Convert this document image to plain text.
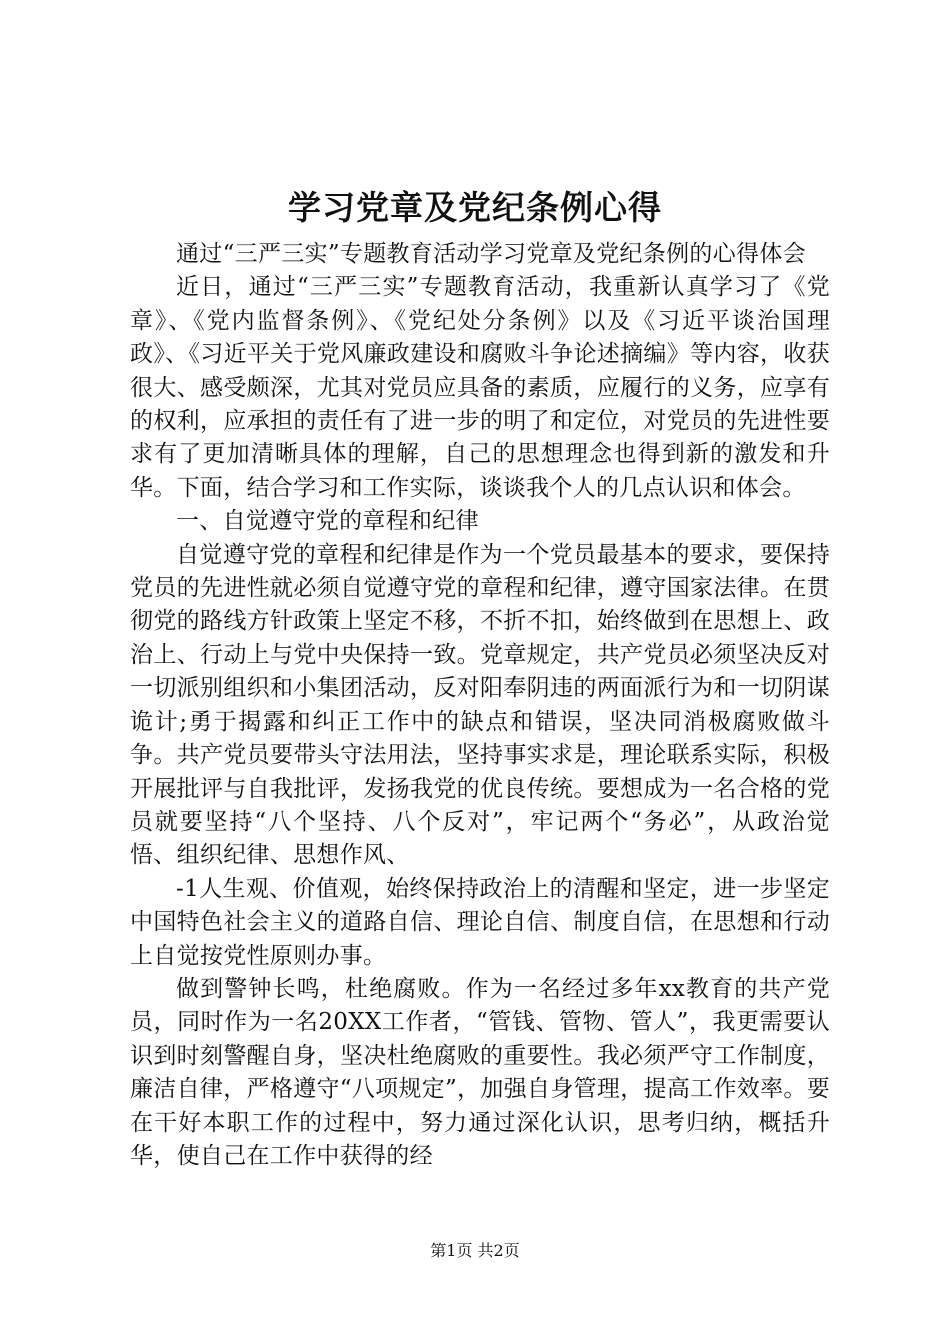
学习党章及党纪条例心得

通过“三严三实”专题教育活动学习党章及党纪条例的心得体会

近日，通过“三严三实”专题教育活动，我重新认真学习了《党章》、《党内监督条例》、《党纪处分条例》以及《习近平谈治国理政》、《习近平关于党风廉政建设和腐败斗争论述摘编》等内容，收获很大、感受颇深，尤其对党员应具备的素质，应履行的义务，应享有的权利，应承担的责任有了进一步的明了和定位，对党员的先进性要求有了更加清晰具体的理解，自己的思想理念也得到新的激发和升华。下面，结合学习和工作实际，谈谈我个人的几点认识和体会。

一、自觉遵守党的章程和纪律

自觉遵守党的章程和纪律是作为一个党员最基本的要求，要保持党员的先进性就必须自觉遵守党的章程和纪律，遵守国家法律。在贯彻党的路线方针政策上坚定不移，不折不扣，始终做到在思想上、政治上、行动上与党中央保持一致。党章规定，共产党员必须坚决反对一切派别组织和小集团活动，反对阳奉阴违的两面派行为和一切阴谋诡计;勇于揭露和纠正工作中的缺点和错误，坚决同消极腐败做斗争。共产党员要带头守法用法，坚持事实求是，理论联系实际，积极开展批评与自我批评，发扬我党的优良传统。要想成为一名合格的党员就要坚持“八个坚持、八个反对”，牢记两个“务必”，从政治觉悟、组织纪律、思想作风、

-1人生观、价值观，始终保持政治上的清醒和坚定，进一步坚定中国特色社会主义的道路自信、理论自信、制度自信，在思想和行动上自觉按党性原则办事。

做到警钟长鸣，杜绝腐败。作为一名经过多年xx教育的共产党员，同时作为一名20XX工作者，“管钱、管物、管人”，我更需要认识到时刻警醒自身，坚决杜绝腐败的重要性。我必须严守工作制度，廉洁自律，严格遵守“八项规定”，加强自身管理，提高工作效率。要在干好本职工作的过程中，努力通过深化认识，思考归纳，概括升华，使自己在工作中获得的经

第1页 共2页
